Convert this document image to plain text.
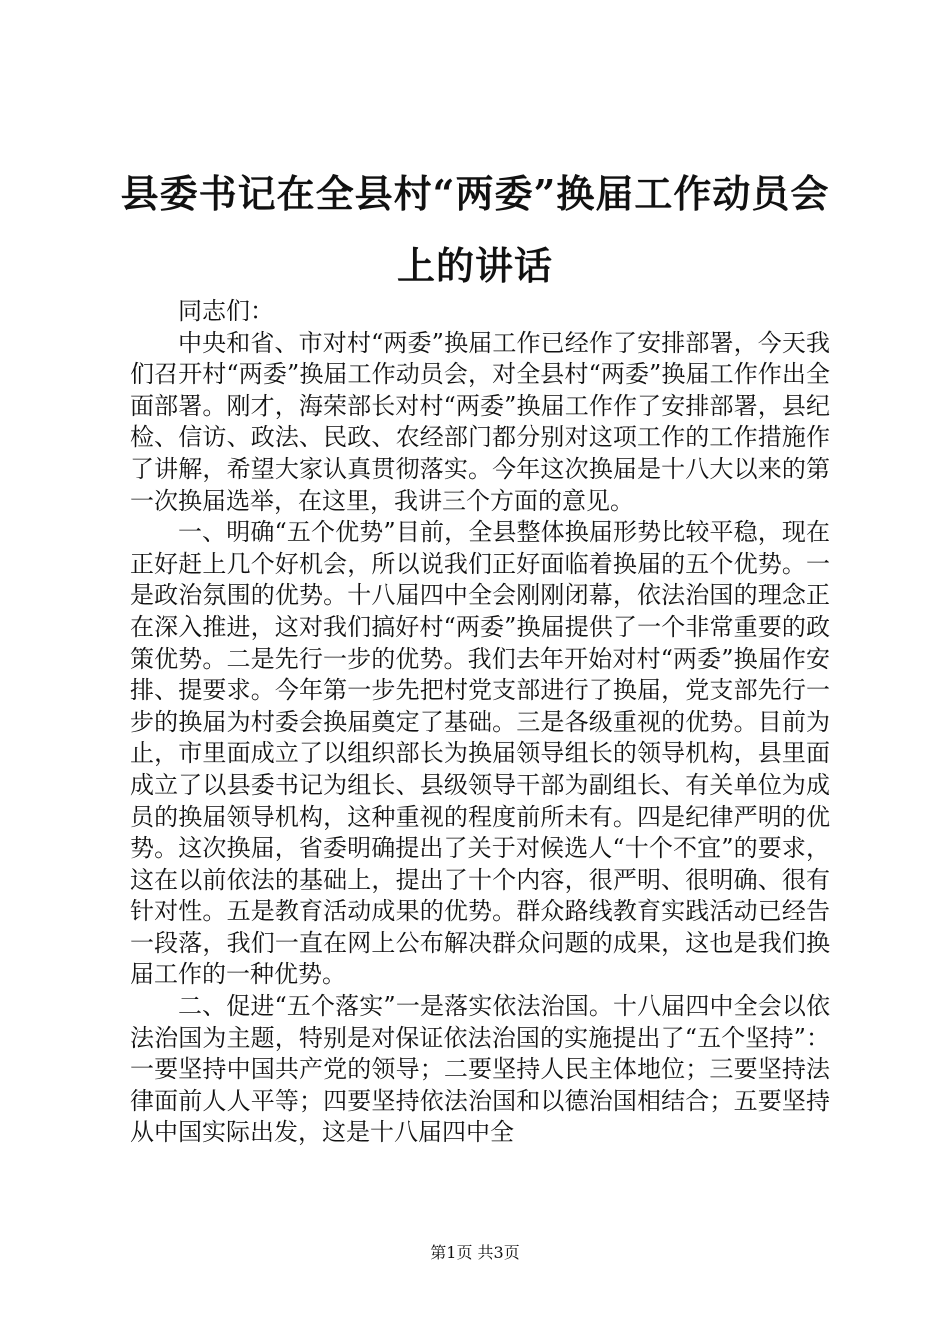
县委书记在全县村“两委”换届工作动员会上的讲话

同志们：

中央和省、市对村“两委”换届工作已经作了安排部署，今天我们召开村“两委”换届工作动员会，对全县村“两委”换届工作作出全面部署。刚才，海荣部长对村“两委”换届工作作了安排部署，县纪检、信访、政法、民政、农经部门都分别对这项工作的工作措施作了讲解，希望大家认真贯彻落实。今年这次换届是十八大以来的第一次换届选举，在这里，我讲三个方面的意见。

一、明确“五个优势”目前，全县整体换届形势比较平稳，现在正好赶上几个好机会，所以说我们正好面临着换届的五个优势。一是政治氛围的优势。十八届四中全会刚刚闭幕，依法治国的理念正在深入推进，这对我们搞好村“两委”换届提供了一个非常重要的政策优势。二是先行一步的优势。我们去年开始对村“两委”换届作安排、提要求。今年第一步先把村党支部进行了换届，党支部先行一步的换届为村委会换届奠定了基础。三是各级重视的优势。目前为止，市里面成立了以组织部长为换届领导组长的领导机构，县里面成立了以县委书记为组长、县级领导干部为副组长、有关单位为成员的换届领导机构，这种重视的程度前所未有。四是纪律严明的优势。这次换届，省委明确提出了关于对候选人“十个不宜”的要求，这在以前依法的基础上，提出了十个内容，很严明、很明确、很有针对性。五是教育活动成果的优势。群众路线教育实践活动已经告一段落，我们一直在网上公布解决群众问题的成果，这也是我们换届工作的一种优势。

二、促进“五个落实”一是落实依法治国。十八届四中全会以依法治国为主题，特别是对保证依法治国的实施提出了“五个坚持”：一要坚持中国共产党的领导；二要坚持人民主体地位；三要坚持法律面前人人平等；四要坚持依法治国和以德治国相结合；五要坚持从中国实际出发，这是十八届四中全

第1页 共3页
